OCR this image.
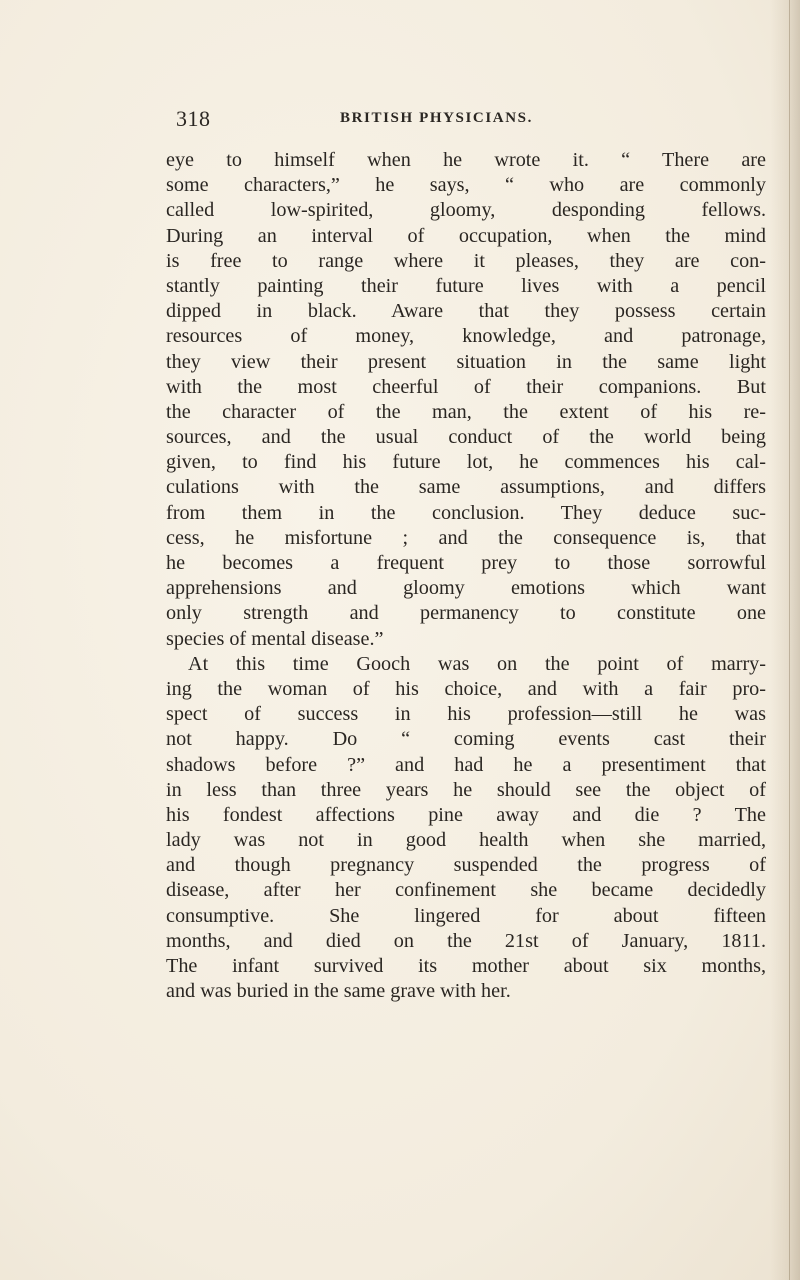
318	BRITISH PHYSICIANS.
eye to himself when he wrote it. “ There are
some characters,” he says, “ who are commonly
called low-spirited, gloomy, desponding fellows.
During an interval of occupation, when the mind
is free to range where it pleases, they are con-
stantly painting their future lives with a pencil
dipped in black. Aware that they possess certain
resources of money, knowledge, and patronage,
they view their present situation in the same light
with the most cheerful of their companions. But
the character of the man, the extent of his re-
sources, and the usual conduct of the world being
given, to find his future lot, he commences his cal-
culations with the same assumptions, and differs
from them in the conclusion. They deduce suc-
cess, he misfortune ; and the consequence is, that
he becomes a frequent prey to those sorrowful
apprehensions and gloomy emotions which want
only strength and permanency to constitute one
species of mental disease.”
At this time Gooch was on the point of marry-
ing the woman of his choice, and with a fair pro-
spect of success in his profession—still he was
not happy. Do “ coming events cast their
shadows before ?” and had he a presentiment that
in less than three years he should see the object of
his fondest affections pine away and die ? The
lady was not in good health when she married,
and though pregnancy suspended the progress of
disease, after her confinement she became decidedly
consumptive. She lingered for about fifteen
months, and died on the 21st of January, 1811.
The infant survived its mother about six months,
and was buried in the same grave with her.
